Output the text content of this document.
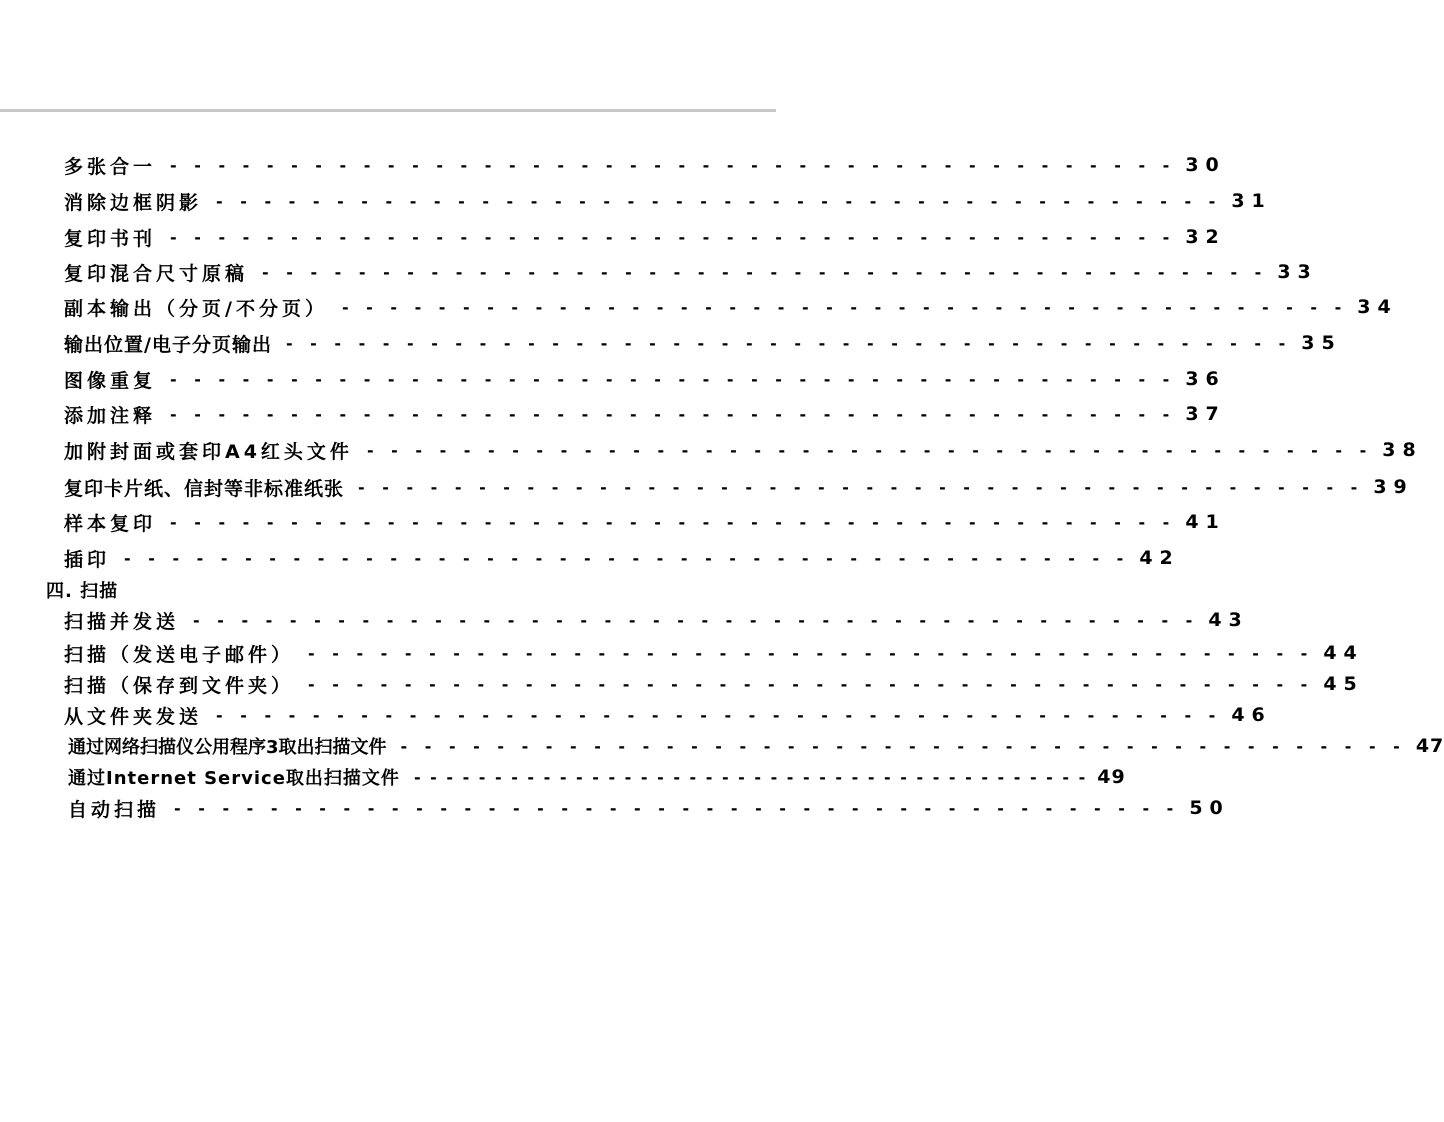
多张合一 - - - - - - - - - - - - - - - - - - - - - - - - - - - - - - - - - - - - - - - - - - 30
消除边框阴影 - - - - - - - - - - - - - - - - - - - - - - - - - - - - - - - - - - - - - - - - - - 31
复印书刊 - - - - - - - - - - - - - - - - - - - - - - - - - - - - - - - - - - - - - - - - - - 32
复印混合尺寸原稿 - - - - - - - - - - - - - - - - - - - - - - - - - - - - - - - - - - - - - - - - - - 33
副本输出（分页/不分页） - - - - - - - - - - - - - - - - - - - - - - - - - - - - - - - - - - - - - - - - - - 34
输出位置/电子分页输出 - - - - - - - - - - - - - - - - - - - - - - - - - - - - - - - - - - - - - - - - - - 35
图像重复 - - - - - - - - - - - - - - - - - - - - - - - - - - - - - - - - - - - - - - - - - - 36
添加注释 - - - - - - - - - - - - - - - - - - - - - - - - - - - - - - - - - - - - - - - - - - 37
加附封面或套印A4红头文件 - - - - - - - - - - - - - - - - - - - - - - - - - - - - - - - - - - - - - - - - - - 38
复印卡片纸、信封等非标准纸张 - - - - - - - - - - - - - - - - - - - - - - - - - - - - - - - - - - - - - - - - - - 39
样本复印 - - - - - - - - - - - - - - - - - - - - - - - - - - - - - - - - - - - - - - - - - - 41
插印 - - - - - - - - - - - - - - - - - - - - - - - - - - - - - - - - - - - - - - - - - - 42
四. 扫描
扫描并发送 - - - - - - - - - - - - - - - - - - - - - - - - - - - - - - - - - - - - - - - - - - 43
扫描（发送电子邮件） - - - - - - - - - - - - - - - - - - - - - - - - - - - - - - - - - - - - - - - - - - 44
扫描（保存到文件夹） - - - - - - - - - - - - - - - - - - - - - - - - - - - - - - - - - - - - - - - - - - 45
从文件夹发送 - - - - - - - - - - - - - - - - - - - - - - - - - - - - - - - - - - - - - - - - - - 46
通过网络扫描仪公用程序3取出扫描文件 - - - - - - - - - - - - - - - - - - - - - - - - - - - - - - - - - - - - - - - - - - 47
通过Internet Service取出扫描文件 - - - - - - - - - - - - - - - - - - - - - - - - - - - - - - - - - - - - - - - - - - 49
自动扫描 - - - - - - - - - - - - - - - - - - - - - - - - - - - - - - - - - - - - - - - - - - 50
